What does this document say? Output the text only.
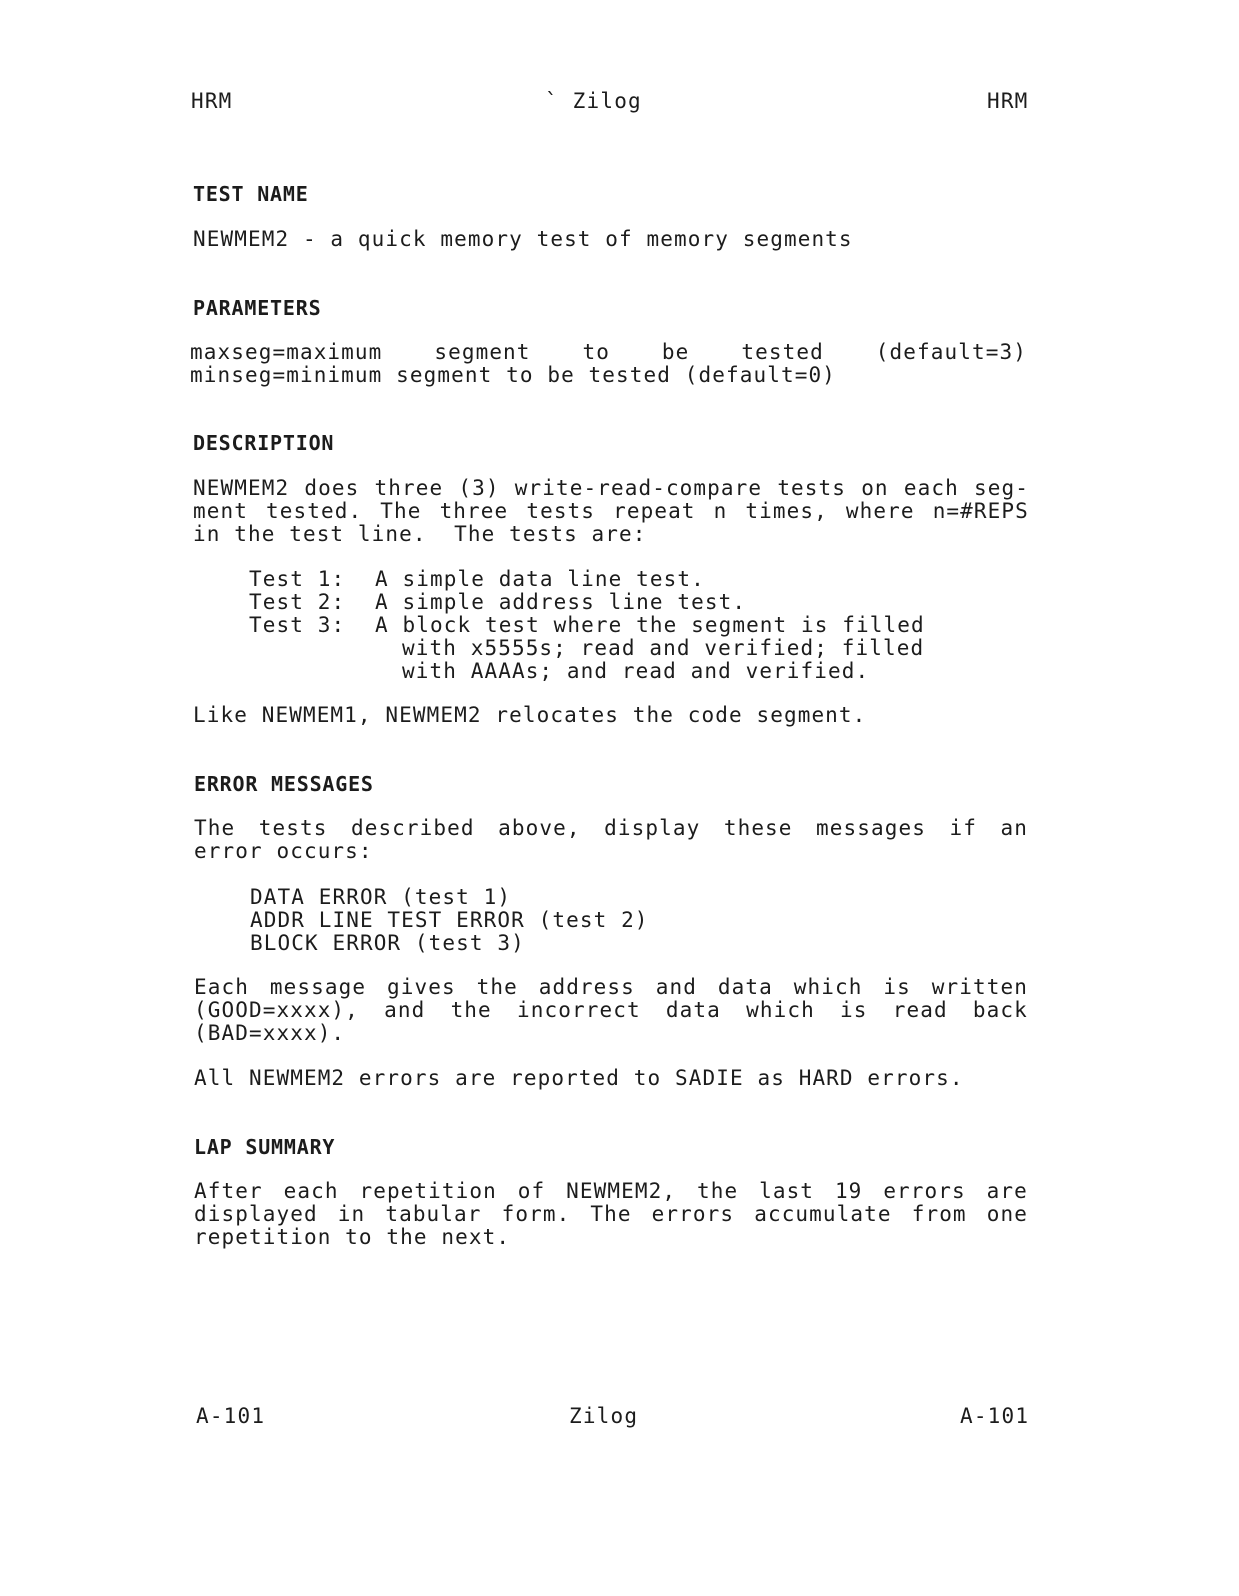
HRM	` Zilog	HRM
TEST NAME
NEWMEM2 - a quick memory test of memory segments
PARAMETERS
maxseg=maximum segment to be tested (default=3)
minseg=minimum segment to be tested (default=0)
DESCRIPTION
NEWMEM2 does three (3) write-read-compare tests on each seg-
ment tested. The three tests repeat n times, where n=#REPS
in the test line.  The tests are:
Test 1:	A simple data line test.
Test 2:	A simple address line test.
Test 3:	A block test where the segment is filled
with x5555s; read and verified; filled
with AAAAs; and read and verified.
Like NEWMEM1, NEWMEM2 relocates the code segment.
ERROR MESSAGES
The tests described above, display these messages if an
error occurs:
DATA ERROR (test 1)
ADDR LINE TEST ERROR (test 2)
BLOCK ERROR (test 3)
Each message gives the address and data which is written
(GOOD=xxxx), and the incorrect data which is read back
(BAD=xxxx).
All NEWMEM2 errors are reported to SADIE as HARD errors.
LAP SUMMARY
After each repetition of NEWMEM2, the last 19 errors are
displayed in tabular form. The errors accumulate from one
repetition to the next.
A-101	Zilog	A-101
